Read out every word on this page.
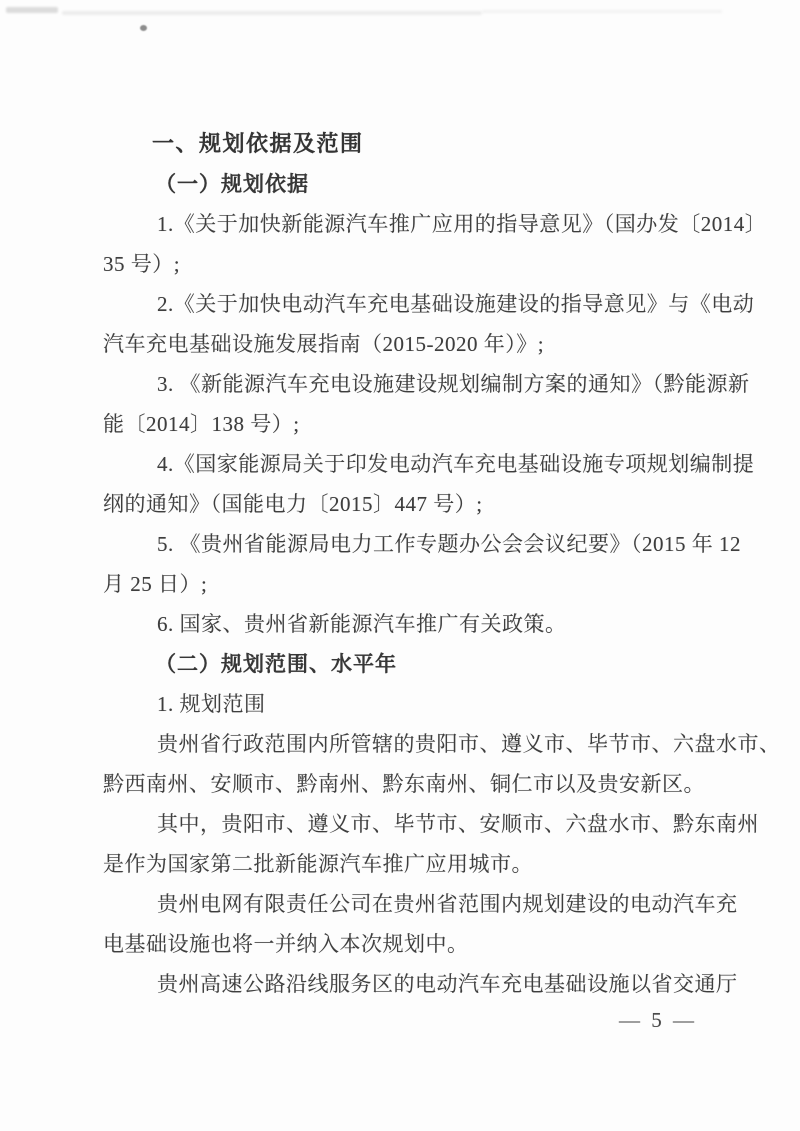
一、规划依据及范围
（一）规划依据
1.《关于加快新能源汽车推广应用的指导意见》（国办发〔2014〕
35 号）;
2.《关于加快电动汽车充电基础设施建设的指导意见》与《电动
汽车充电基础设施发展指南（2015-2020 年）》;
3. 《新能源汽车充电设施建设规划编制方案的通知》（黔能源新
能〔2014〕138 号）;
4.《国家能源局关于印发电动汽车充电基础设施专项规划编制提
纲的通知》（国能电力〔2015〕447 号）;
5. 《贵州省能源局电力工作专题办公会会议纪要》（2015 年 12
月 25 日）;
6. 国家、贵州省新能源汽车推广有关政策。
（二）规划范围、水平年
1. 规划范围
贵州省行政范围内所管辖的贵阳市、遵义市、毕节市、六盘水市、
黔西南州、安顺市、黔南州、黔东南州、铜仁市以及贵安新区。
其中，贵阳市、遵义市、毕节市、安顺市、六盘水市、黔东南州
是作为国家第二批新能源汽车推广应用城市。
贵州电网有限责任公司在贵州省范围内规划建设的电动汽车充
电基础设施也将一并纳入本次规划中。
贵州高速公路沿线服务区的电动汽车充电基础设施以省交通厅
— 5 —
